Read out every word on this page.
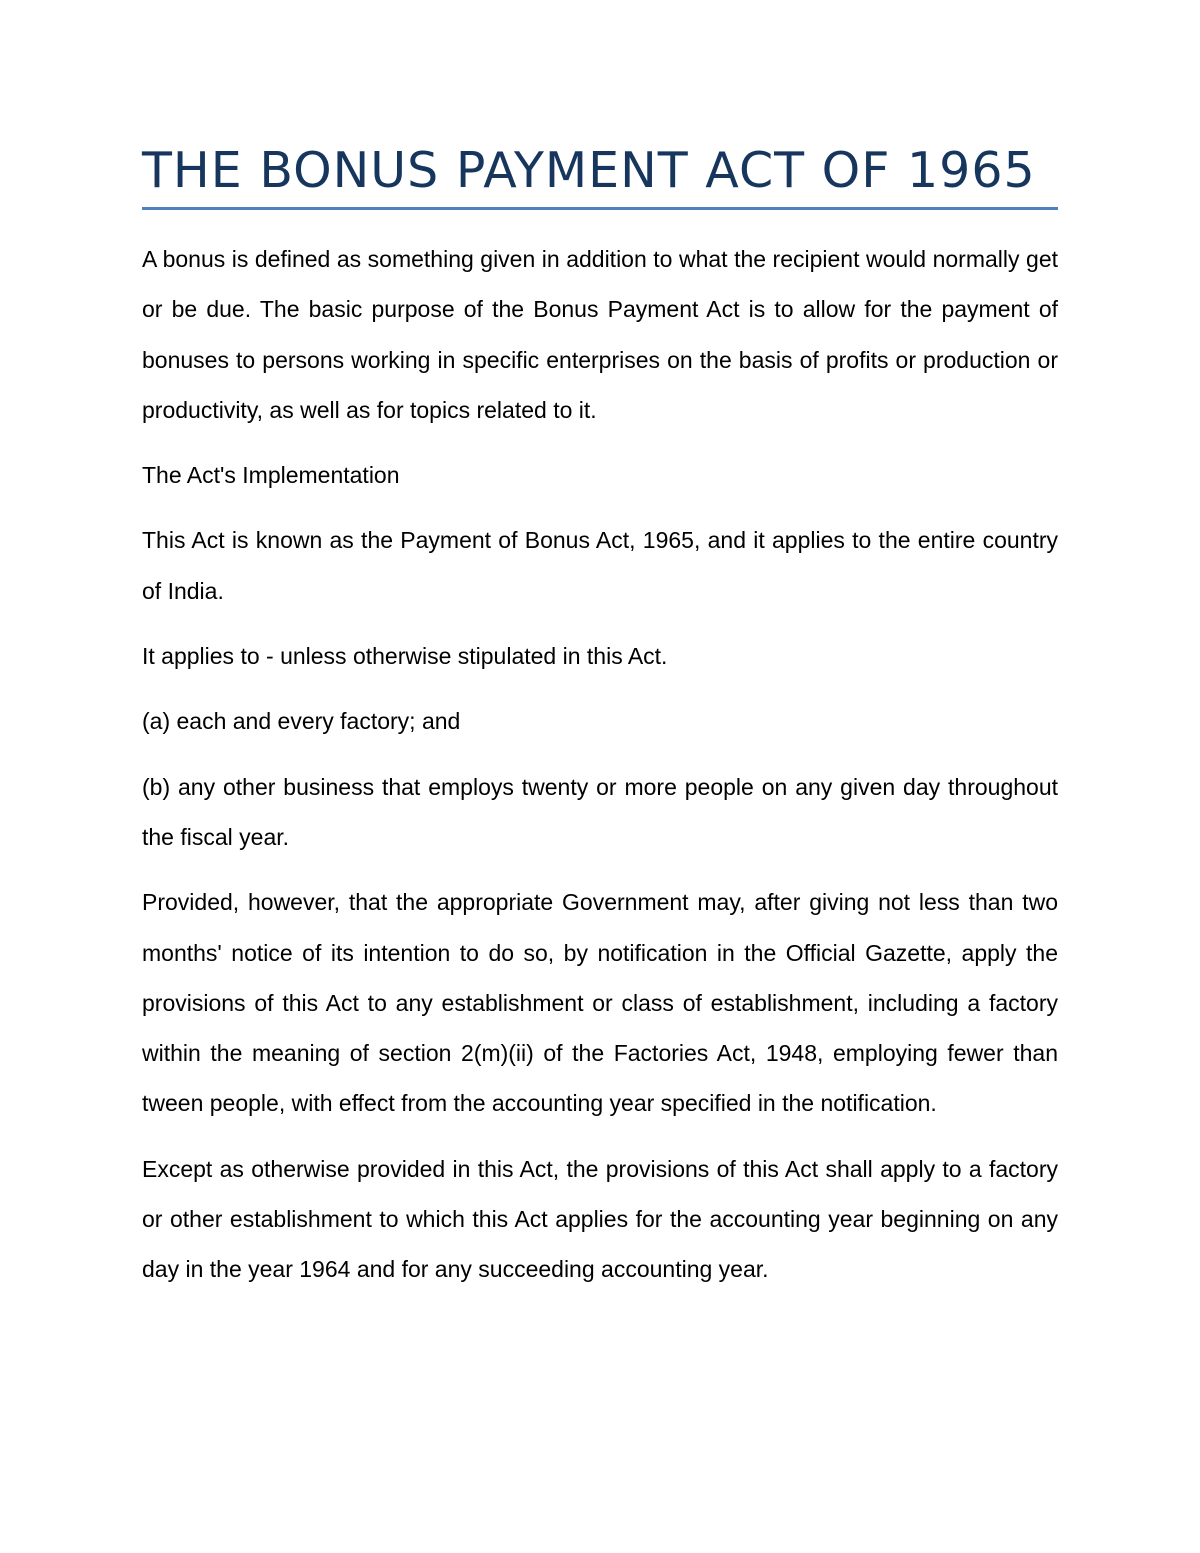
THE BONUS PAYMENT ACT OF 1965

A bonus is defined as something given in addition to what the recipient would normally get or be due. The basic purpose of the Bonus Payment Act is to allow for the payment of bonuses to persons working in specific enterprises on the basis of profits or production or productivity, as well as for topics related to it.

The Act's Implementation

This Act is known as the Payment of Bonus Act, 1965, and it applies to the entire country of India.

It applies to - unless otherwise stipulated in this Act.

(a) each and every factory; and

(b) any other business that employs twenty or more people on any given day throughout the fiscal year.

Provided, however, that the appropriate Government may, after giving not less than two months' notice of its intention to do so, by notification in the Official Gazette, apply the provisions of this Act to any establishment or class of establishment, including a factory within the meaning of section 2(m)(ii) of the Factories Act, 1948, employing fewer than tween people, with effect from the accounting year specified in the notification.

Except as otherwise provided in this Act, the provisions of this Act shall apply to a factory or other establishment to which this Act applies for the accounting year beginning on any day in the year 1964 and for any succeeding accounting year.
